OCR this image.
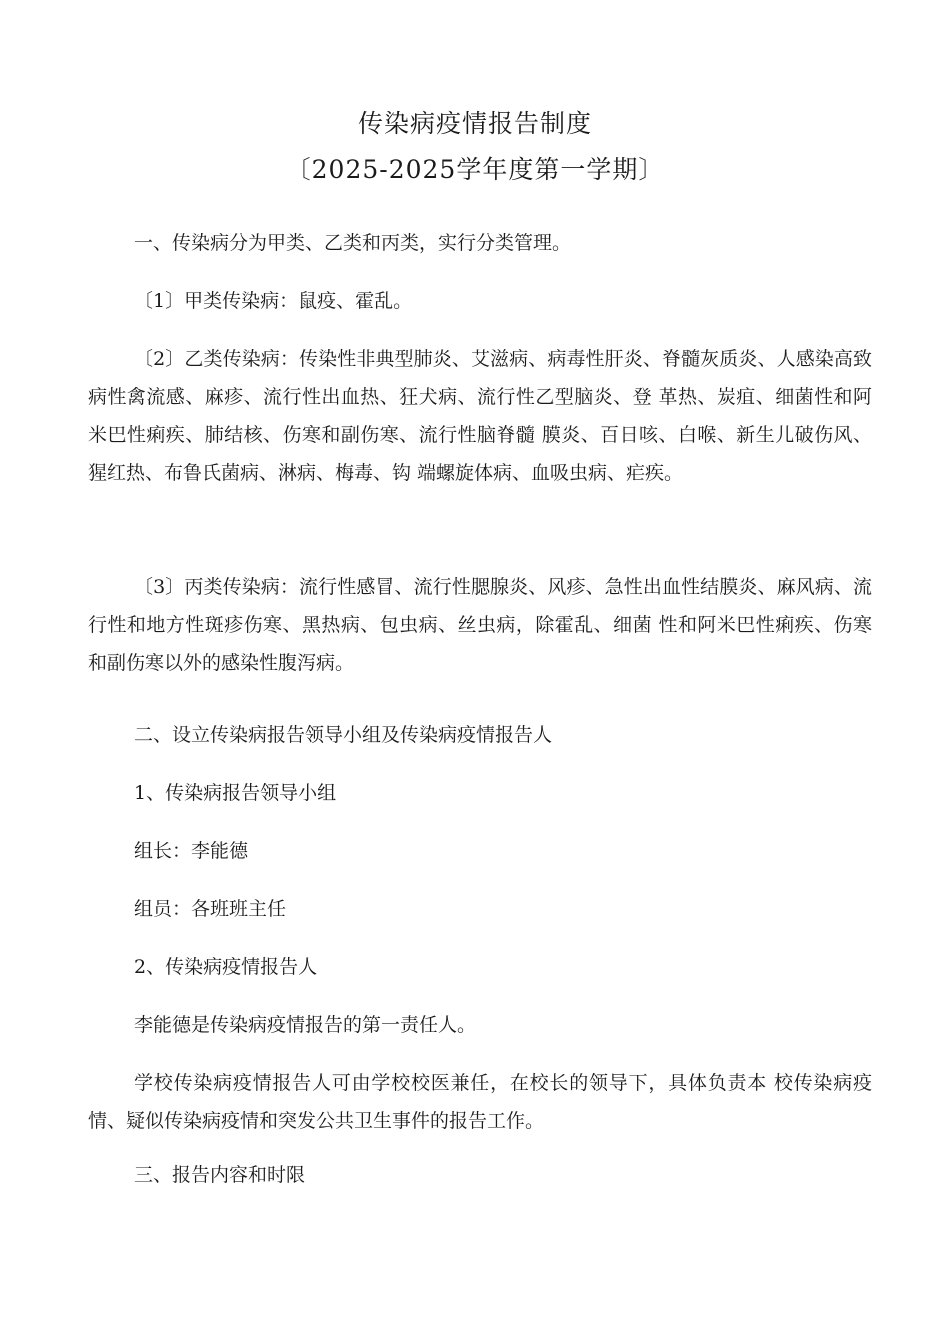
传染病疫情报告制度
〔2025-2025学年度第一学期〕
一、传染病分为甲类、乙类和丙类，实行分类管理。
〔1〕甲类传染病：鼠疫、霍乱。
〔2〕乙类传染病：传染性非典型肺炎、艾滋病、病毒性肝炎、脊髓灰质炎、人感染高致病性禽流感、麻疹、流行性出血热、狂犬病、流行性乙型脑炎、登 革热、炭疽、细菌性和阿米巴性痢疾、肺结核、伤寒和副伤寒、流行性脑脊髓 膜炎、百日咳、白喉、新生儿破伤风、猩红热、布鲁氏菌病、淋病、梅毒、钩 端螺旋体病、血吸虫病、疟疾。
〔3〕丙类传染病：流行性感冒、流行性腮腺炎、风疹、急性出血性结膜炎、麻风病、流行性和地方性斑疹伤寒、黑热病、包虫病、丝虫病，除霍乱、细菌 性和阿米巴性痢疾、伤寒和副伤寒以外的感染性腹泻病。
二、设立传染病报告领导小组及传染病疫情报告人
1、传染病报告领导小组
组长：李能德
组员：各班班主任
2、传染病疫情报告人
李能德是传染病疫情报告的第一责任人。
学校传染病疫情报告人可由学校校医兼任，在校长的领导下，具体负责本 校传染病疫情、疑似传染病疫情和突发公共卫生事件的报告工作。
三、报告内容和时限
